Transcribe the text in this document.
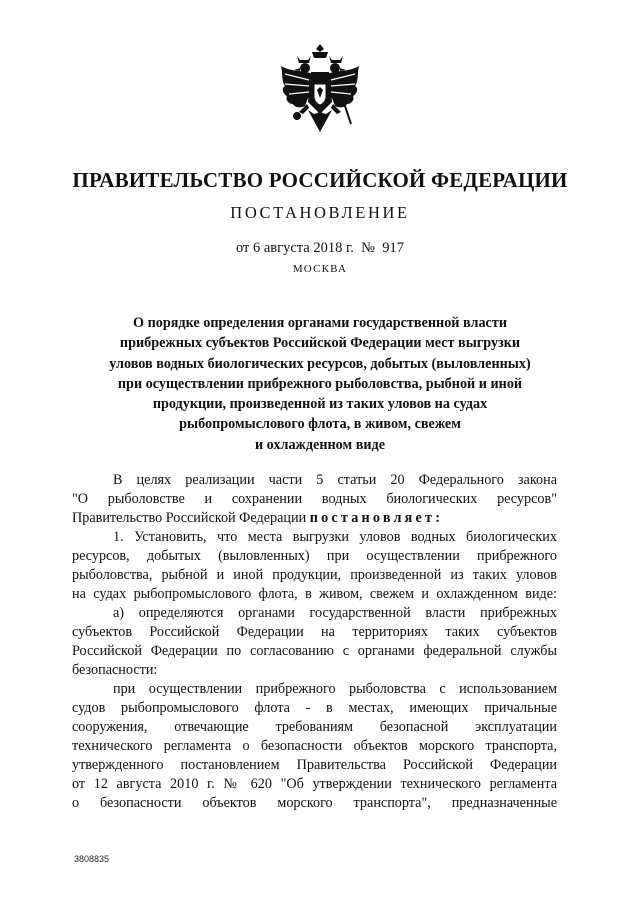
ПРАВИТЕЛЬСТВО РОССИЙСКОЙ ФЕДЕРАЦИИ
ПОСТАНОВЛЕНИЕ
от 6 августа 2018 г.  №  917
МОСКВА
О порядке определения органами государственной власти
прибрежных субъектов Российской Федерации мест выгрузки
уловов водных биологических ресурсов, добытых (выловленных)
при осуществлении прибрежного рыболовства, рыбной и иной
продукции, произведенной из таких уловов на судах
рыбопромыслового флота, в живом, свежем
и охлажденном виде
В целях реализации части 5 статьи 20 Федерального закона
"О рыболовстве и сохранении водных биологических ресурсов"
Правительство Российской Федерации постановляет:
1. Установить, что места выгрузки уловов водных биологических
ресурсов, добытых (выловленных) при осуществлении прибрежного
рыболовства, рыбной и иной продукции, произведенной из таких уловов
на судах рыбопромыслового флота, в живом, свежем и охлажденном виде:
а) определяются органами государственной власти прибрежных
субъектов Российской Федерации на территориях таких субъектов
Российской Федерации по согласованию с органами федеральной службы
безопасности:
при осуществлении прибрежного рыболовства с использованием
судов рыбопромыслового флота - в местах, имеющих причальные
сооружения, отвечающие требованиям безопасной эксплуатации
технического регламента о безопасности объектов морского транспорта,
утвержденного постановлением Правительства Российской Федерации
от 12 августа 2010 г. № 620 "Об утверждении технического регламента
о безопасности объектов морского транспорта", предназначенные
3808835
